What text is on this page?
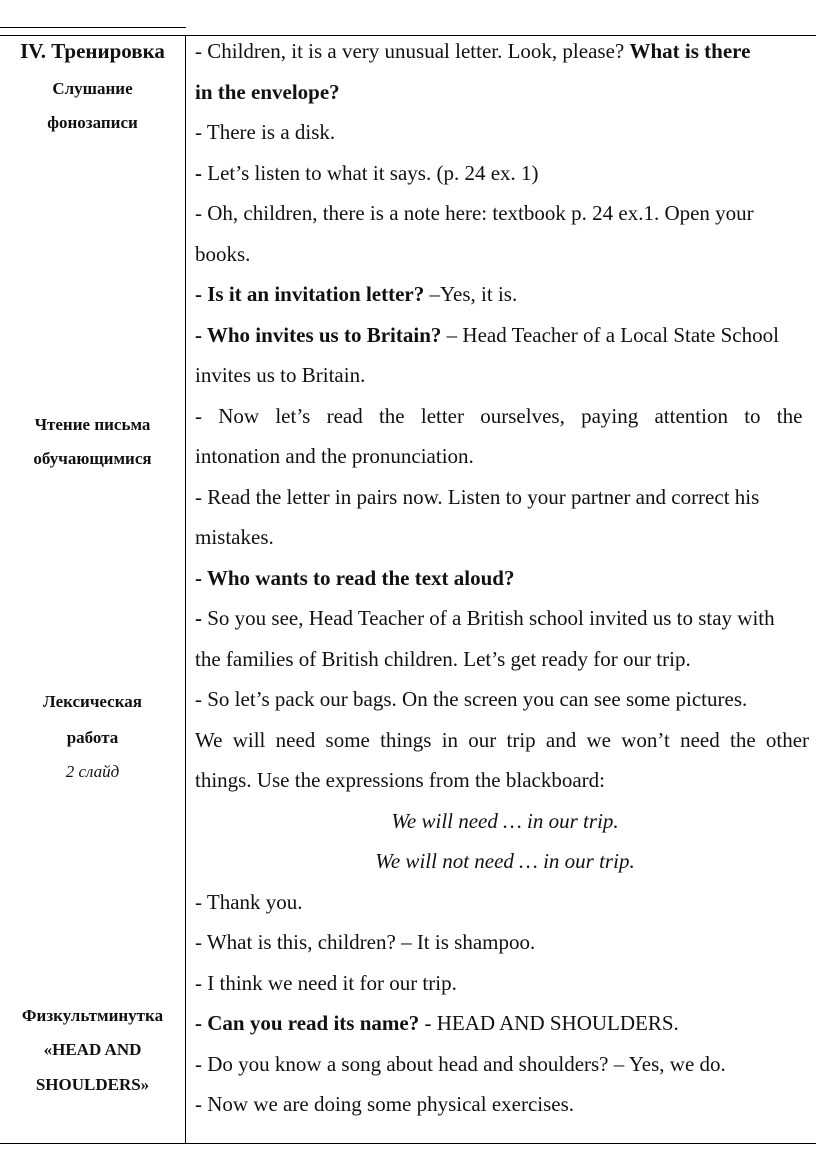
IV. Тренировка
Слушание
фонозаписи
Чтение письма
обучающимися
Лексическая
работа
2 слайд
Физкультминутка
«HEAD AND
SHOULDERS»
- Children, it is a very unusual letter. Look, please? What is there
in the envelope?
- There is a disk.
- Let’s listen to what it says. (p. 24 ex. 1)
- Oh, children, there is a note here: textbook p. 24 ex.1. Open your
books.
- Is it an invitation letter? –Yes, it is.
- Who invites us to Britain? – Head Teacher of a Local State School
invites us to Britain.
- Now let’s read the letter ourselves, paying attention to the
intonation and the pronunciation.
- Read the letter in pairs now. Listen to your partner and correct his
mistakes.
- Who wants to read the text aloud?
- So you see, Head Teacher of a British school invited us to stay with
the families of British children. Let’s get ready for our trip.
- So let’s pack our bags. On the screen you can see some pictures.
We will need some things in our trip and we won’t need the other
things. Use the expressions from the blackboard:
We will need … in our trip.
We will not need … in our trip.
- Thank you.
- What is this, children? – It is shampoo.
- I think we need it for our trip.
- Can you read its name? - HEAD AND SHOULDERS.
- Do you know a song about head and shoulders? – Yes, we do.
- Now we are doing some physical exercises.
